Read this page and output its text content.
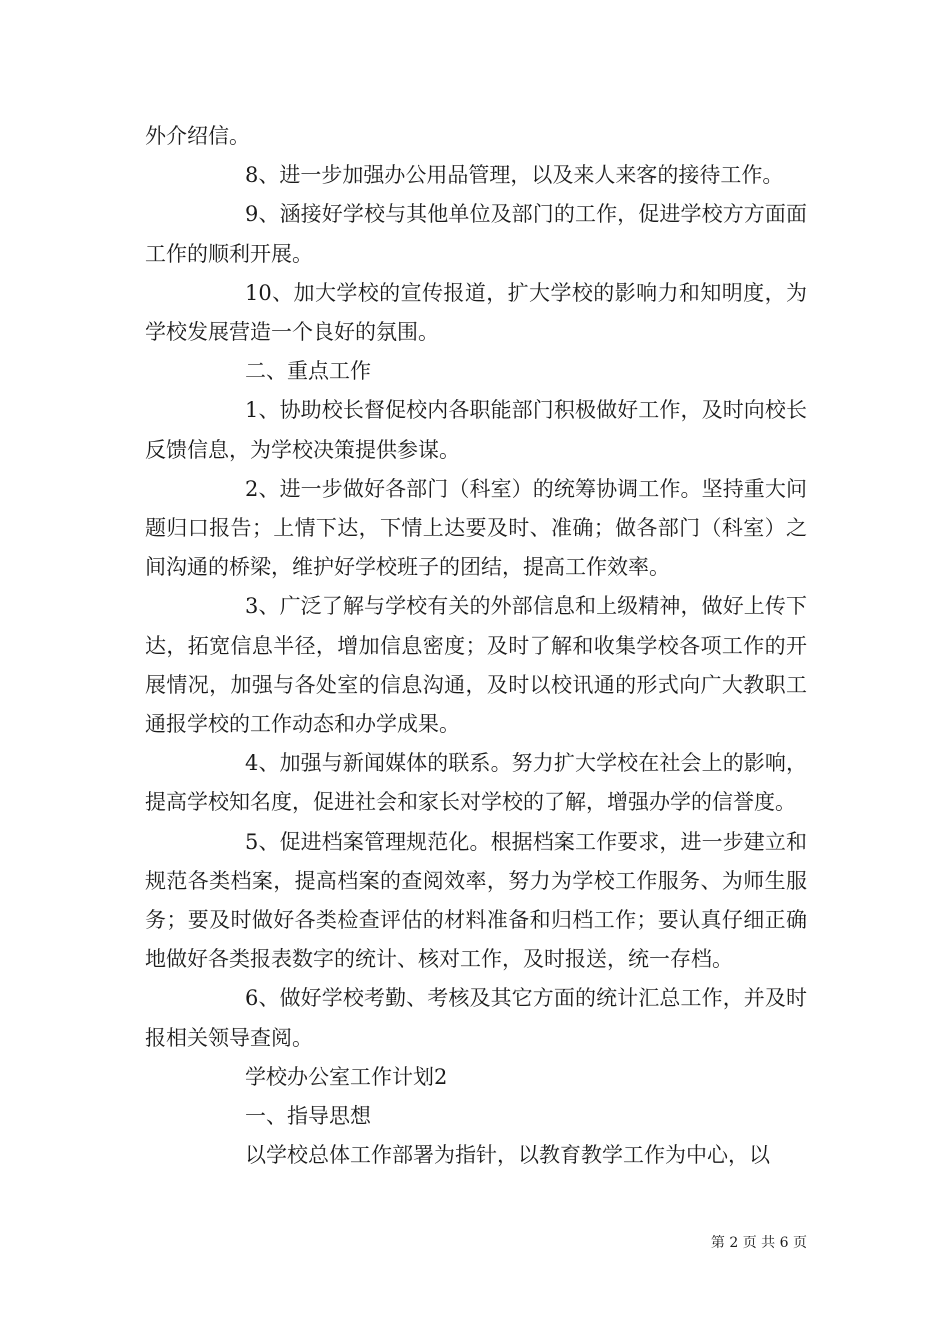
外介绍信。

8、进一步加强办公用品管理，以及来人来客的接待工作。

9、涵接好学校与其他单位及部门的工作，促进学校方方面面工作的顺利开展。

10、加大学校的宣传报道，扩大学校的影响力和知明度，为学校发展营造一个良好的氛围。

二、重点工作

1、协助校长督促校内各职能部门积极做好工作，及时向校长反馈信息，为学校决策提供参谋。

2、进一步做好各部门（科室）的统筹协调工作。坚持重大问题归口报告；上情下达，下情上达要及时、准确；做各部门（科室）之间沟通的桥梁，维护好学校班子的团结，提高工作效率。

3、广泛了解与学校有关的外部信息和上级精神，做好上传下达，拓宽信息半径，增加信息密度；及时了解和收集学校各项工作的开展情况，加强与各处室的信息沟通，及时以校讯通的形式向广大教职工通报学校的工作动态和办学成果。

4、加强与新闻媒体的联系。努力扩大学校在社会上的影响，提高学校知名度，促进社会和家长对学校的了解，增强办学的信誉度。

5、促进档案管理规范化。根据档案工作要求，进一步建立和规范各类档案，提高档案的查阅效率，努力为学校工作服务、为师生服务；要及时做好各类检查评估的材料准备和归档工作；要认真仔细正确地做好各类报表数字的统计、核对工作，及时报送，统一存档。

6、做好学校考勤、考核及其它方面的统计汇总工作，并及时报相关领导查阅。

学校办公室工作计划2

一、指导思想

以学校总体工作部署为指针，以教育教学工作为中心，以

第 2 页 共 6 页
